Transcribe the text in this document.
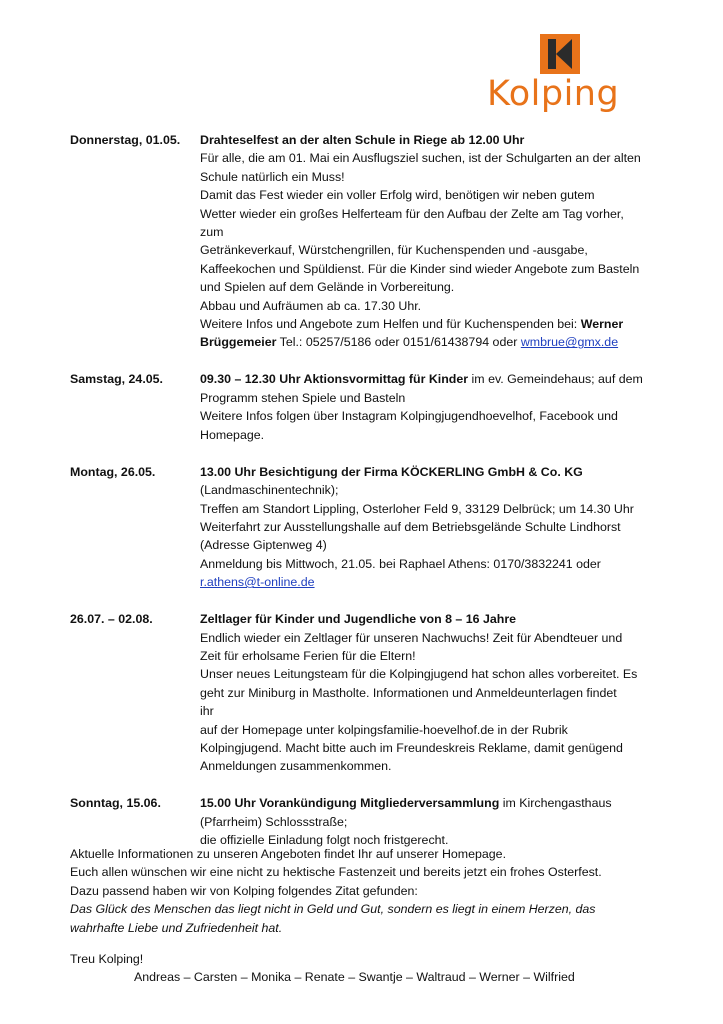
Kolping
Donnerstag, 01.05.	Drahteselfest an der alten Schule in Riege ab 12.00 Uhr

Für alle, die am 01. Mai ein Ausflugsziel suchen, ist der Schulgarten an der alten

Schule natürlich ein Muss!

Damit das Fest wieder ein voller Erfolg wird, benötigen wir neben gutem

Wetter wieder ein großes Helferteam für den Aufbau der Zelte am Tag vorher,

zum

Getränkeverkauf, Würstchengrillen, für Kuchenspenden und -ausgabe,

Kaffeekochen und Spüldienst. Für die Kinder sind wieder Angebote zum Basteln

und Spielen auf dem Gelände in Vorbereitung.

Abbau und Aufräumen ab ca. 17.30 Uhr.

Weitere Infos und Angebote zum Helfen und für Kuchenspenden bei: Werner

Brüggemeier Tel.: 05257/5186 oder 0151/61438794 oder wmbrue@gmx.de

Samstag, 24.05.	09.30 – 12.30 Uhr Aktionsvormittag für Kinder im ev. Gemeindehaus; auf dem

Programm stehen Spiele und Basteln

Weitere Infos folgen über Instagram Kolpingjugendhoevelhof, Facebook und

Homepage.

Montag, 26.05.	13.00 Uhr Besichtigung der Firma KÖCKERLING GmbH & Co. KG

(Landmaschinentechnik);

Treffen am Standort Lippling, Osterloher Feld 9, 33129 Delbrück; um 14.30 Uhr

Weiterfahrt zur Ausstellungshalle auf dem Betriebsgelände Schulte Lindhorst

(Adresse Giptenweg 4)

Anmeldung bis Mittwoch, 21.05. bei Raphael Athens: 0170/3832241 oder

r.athens@t-online.de

26.07. – 02.08.	Zeltlager für Kinder und Jugendliche von 8 – 16 Jahre

Endlich wieder ein Zeltlager für unseren Nachwuchs! Zeit für Abendteuer und

Zeit für erholsame Ferien für die Eltern!

Unser neues Leitungsteam für die Kolpingjugend hat schon alles vorbereitet. Es

geht zur Miniburg in Mastholte. Informationen und Anmeldeunterlagen findet

ihr

auf der Homepage unter kolpingsfamilie-hoevelhof.de in der Rubrik

Kolpingjugend. Macht bitte auch im Freundeskreis Reklame, damit genügend

Anmeldungen zusammenkommen.

Sonntag, 15.06.	15.00 Uhr Vorankündigung Mitgliederversammlung im Kirchengasthaus

(Pfarrheim) Schlossstraße;

die offizielle Einladung folgt noch fristgerecht.

Aktuelle Informationen zu unseren Angeboten findet Ihr auf unserer Homepage.

Euch allen wünschen wir eine nicht zu hektische Fastenzeit und bereits jetzt ein frohes Osterfest.

Dazu passend haben wir von Kolping folgendes Zitat gefunden:

Das Glück des Menschen das liegt nicht in Geld und Gut, sondern es liegt in einem Herzen, das

wahrhafte Liebe und Zufriedenheit hat.

Treu Kolping!

Andreas – Carsten – Monika – Renate – Swantje – Waltraud – Werner – Wilfried
